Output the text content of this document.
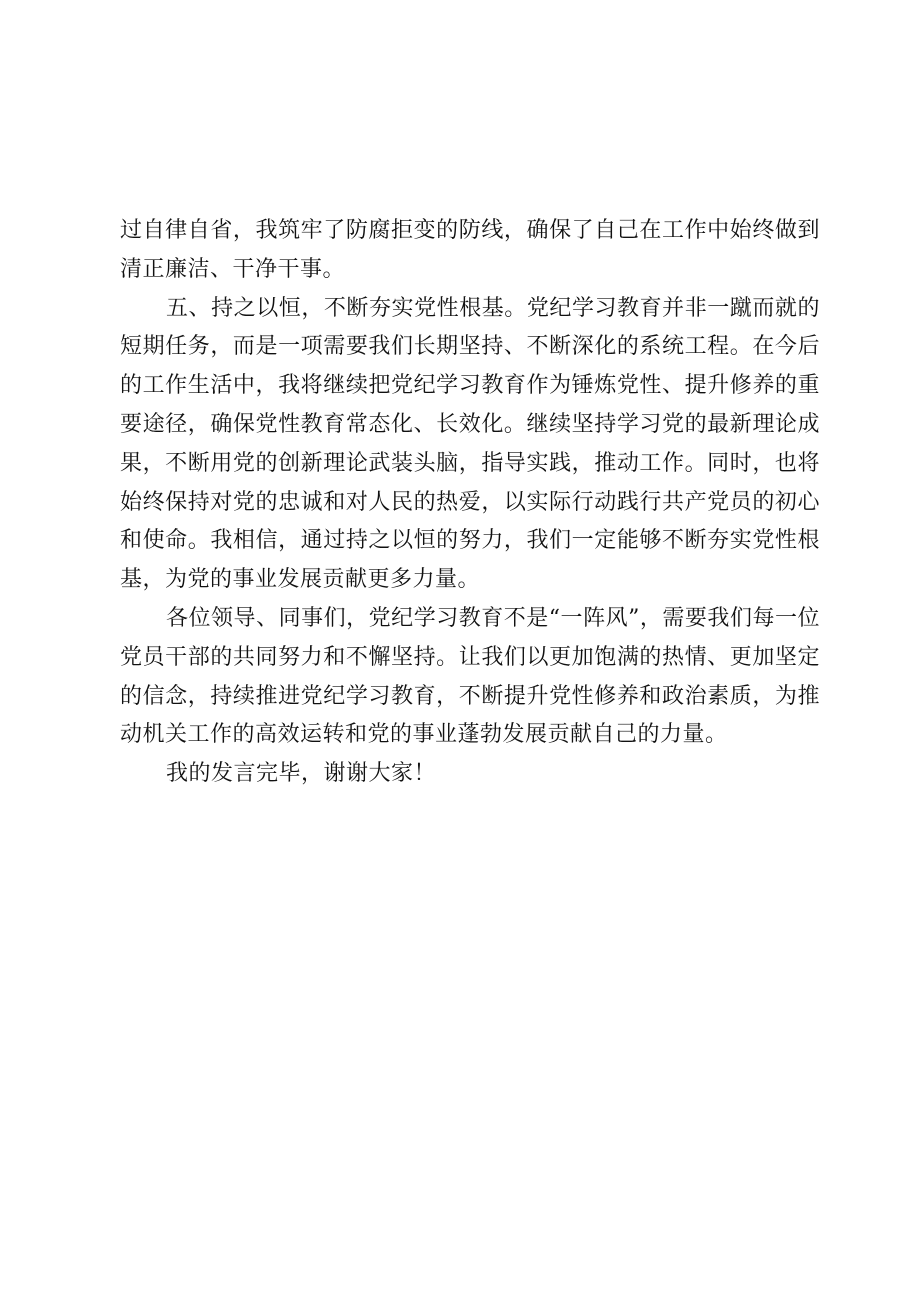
过自律自省，我筑牢了防腐拒变的防线，确保了自己在工作中始终做到清正廉洁、干净干事。

五、持之以恒，不断夯实党性根基。党纪学习教育并非一蹴而就的短期任务，而是一项需要我们长期坚持、不断深化的系统工程。在今后的工作生活中，我将继续把党纪学习教育作为锤炼党性、提升修养的重要途径，确保党性教育常态化、长效化。继续坚持学习党的最新理论成果，不断用党的创新理论武装头脑，指导实践，推动工作。同时，也将始终保持对党的忠诚和对人民的热爱，以实际行动践行共产党员的初心和使命。我相信，通过持之以恒的努力，我们一定能够不断夯实党性根基，为党的事业发展贡献更多力量。

各位领导、同事们，党纪学习教育不是“一阵风”，需要我们每一位党员干部的共同努力和不懈坚持。让我们以更加饱满的热情、更加坚定的信念，持续推进党纪学习教育，不断提升党性修养和政治素质，为推动机关工作的高效运转和党的事业蓬勃发展贡献自己的力量。

我的发言完毕，谢谢大家！
